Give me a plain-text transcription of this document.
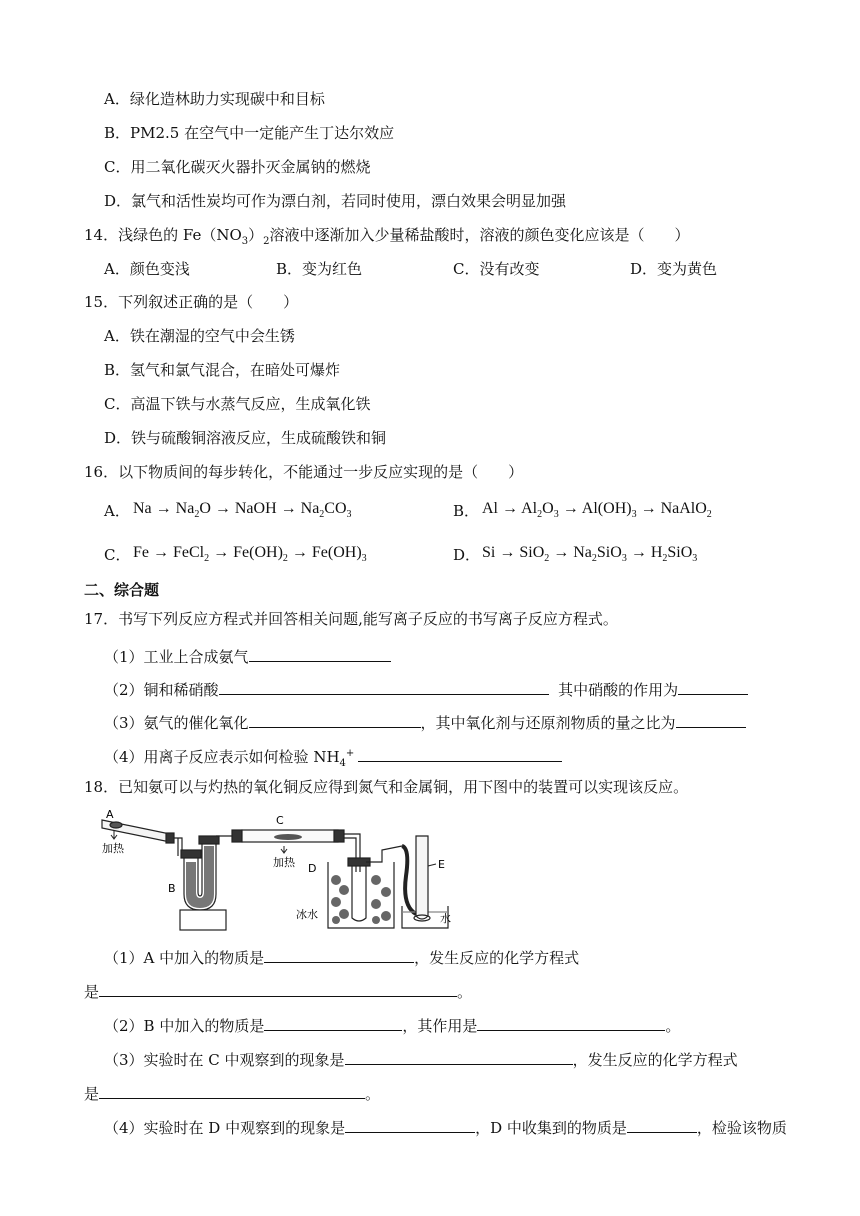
A．绿化造林助力实现碳中和目标
B．PM2.5 在空气中一定能产生丁达尔效应
C．用二氧化碳灭火器扑灭金属钠的燃烧
D．氯气和活性炭均可作为漂白剂，若同时使用，漂白效果会明显加强
14．浅绿色的 $Fe(NO_3)_2$溶液中逐渐加入少量稀盐酸时，溶液的颜色变化应该是（　　）
A．颜色变浅	B．变为红色	C．没有改变	D．变为黄色
15．下列叙述正确的是（　　）
A．铁在潮湿的空气中会生锈
B．氢气和氯气混合，在暗处可爆炸
C．高温下铁与水蒸气反应，生成氧化铁
D．铁与硫酸铜溶液反应，生成硫酸铁和铜
16．以下物质间的每步转化，不能通过一步反应实现的是（　　）
A． $Na \to Na_2O$ → NaOH → $Na_2CO_3$	B． $Al \to Al_2O_3 \to Al(OH)_3$ → NaAlO$_2$
C． Fe → FeCl$_2$ → $Fe(OH)_2 \to Fe(OH)_3$	D． $Si \to SiO_2 \to Na_2SiO_3 \to H_2SiO_3$
二、综合题
17．书写下列反应方程式并回答相关问题,能写离子反应的书写离子反应方程式。
（1）工业上合成氨气
（2）铜和稀硝酸	其中硝酸的作用为
（3）氨气的催化氧化	，其中氧化剂与还原剂物质的量之比为
（4）用离子反应表示如何检验 $NH_4^+$
18．已知氨可以与灼热的氧化铜反应得到氮气和金属铜，用下图中的装置可以实现该反应。
A
加热
B
C
加热 D
冰水
E
水
（1）A 中加入的物质是	，发生反应的化学方程式
是	。
（2）B 中加入的物质是	，其作用是	。
（3）实验时在 C 中观察到的现象是	，发生反应的化学方程式
是	。
（4）实验时在 D 中观察到的现象是	，D 中收集到的物质是	，检验该物质
